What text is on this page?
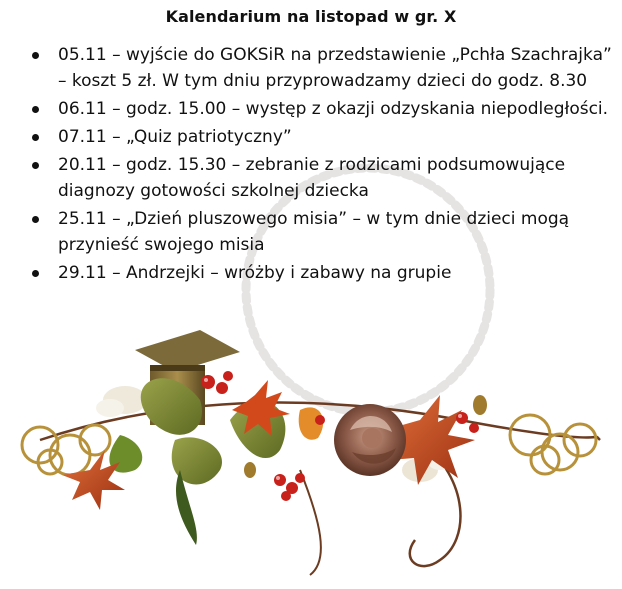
Kalendarium na listopad w gr. X
05.11 – wyjście do GOKSiR na przedstawienie „Pchła Szachrajka” – koszt 5 zł. W tym dniu przyprowadzamy dzieci do godz. 8.30
06.11 – godz. 15.00 – występ z okazji odzyskania niepodległości.
07.11 – „Quiz patriotyczny”
20.11 – godz. 15.30 – zebranie z rodzicami podsumowujące diagnozy gotowości szkolnej dziecka
25.11 – „Dzień pluszowego misia” – w tym dnie dzieci mogą przynieść swojego misia
29.11 – Andrzejki – wróżby i zabawy na grupie
